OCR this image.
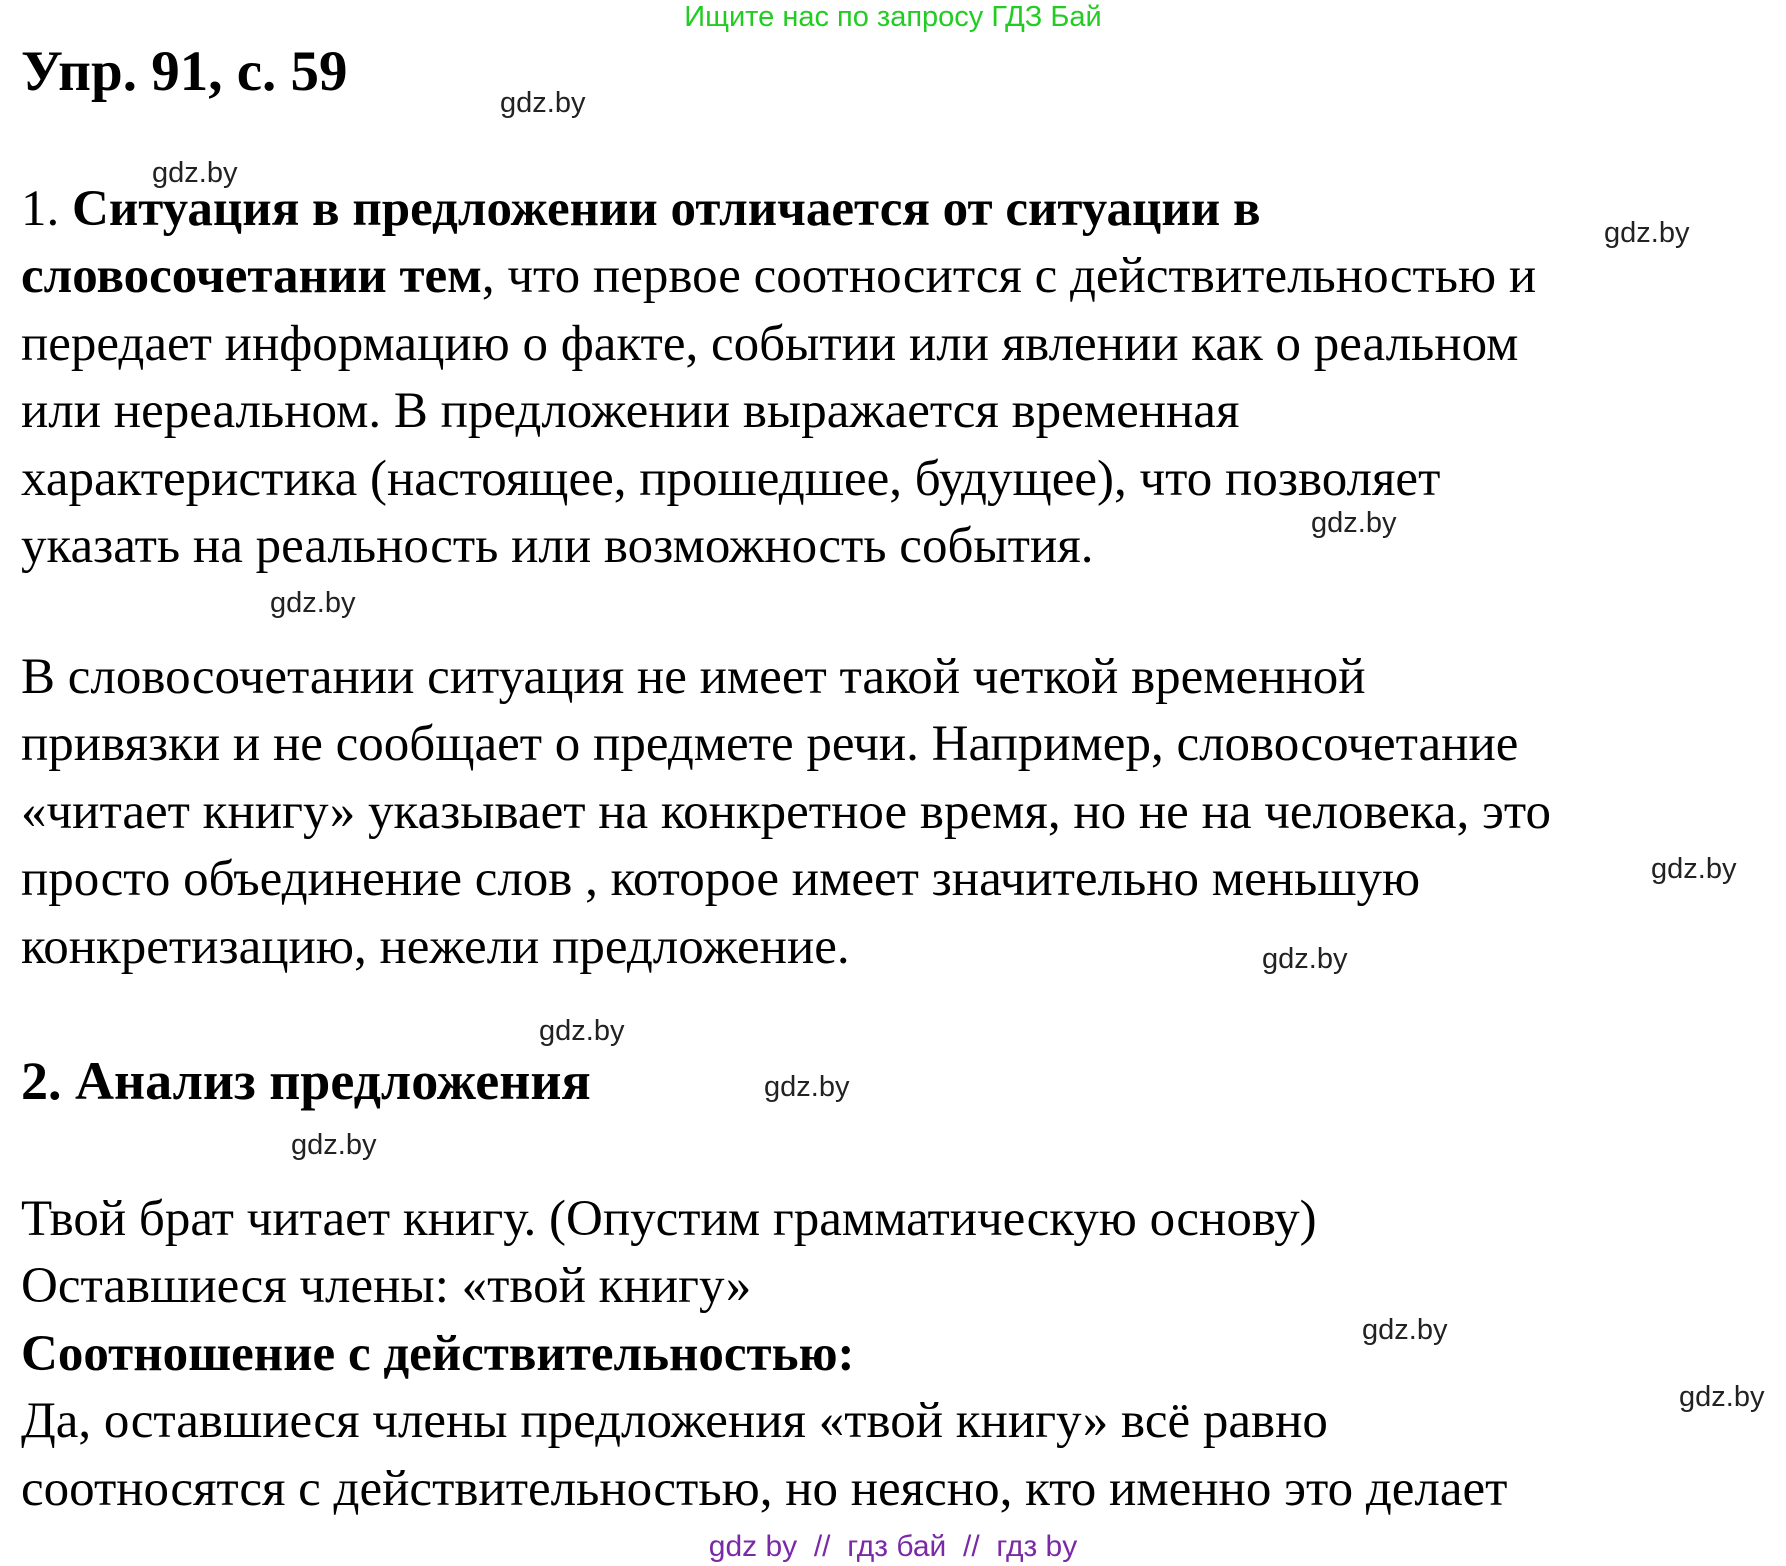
Ищите нас по запросу ГДЗ Бай
Упр. 91, с. 59

1. Ситуация в предложении отличается от ситуации в
словосочетании тем, что первое соотносится с действительностью и
передает информацию о факте, событии или явлении как о реальном
или нереальном. В предложении выражается временная
характеристика (настоящее, прошедшее, будущее), что позволяет
указать на реальность или возможность события.

В словосочетании ситуация не имеет такой четкой временной
привязки и не сообщает о предмете речи. Например, словосочетание
«читает книгу» указывает на конкретное время, но не на человека, это
просто объединение слов , которое имеет значительно меньшую
конкретизацию, нежели предложение.

2. Анализ предложения

Твой брат читает книгу. (Опустим грамматическую основу)
Оставшиеся члены: «твой книгу»
Соотношение с действительностью:
Да, оставшиеся члены предложения «твой книгу» всё равно
соотносятся с действительностью, но неясно, кто именно это делает

gdz.by
gdz.by
gdz.by
gdz.by
gdz.by
gdz.by
gdz.by
gdz.by
gdz.by
gdz.by
gdz.by
gdz.by
gdz by  //  гдз бай  //  гдз by
